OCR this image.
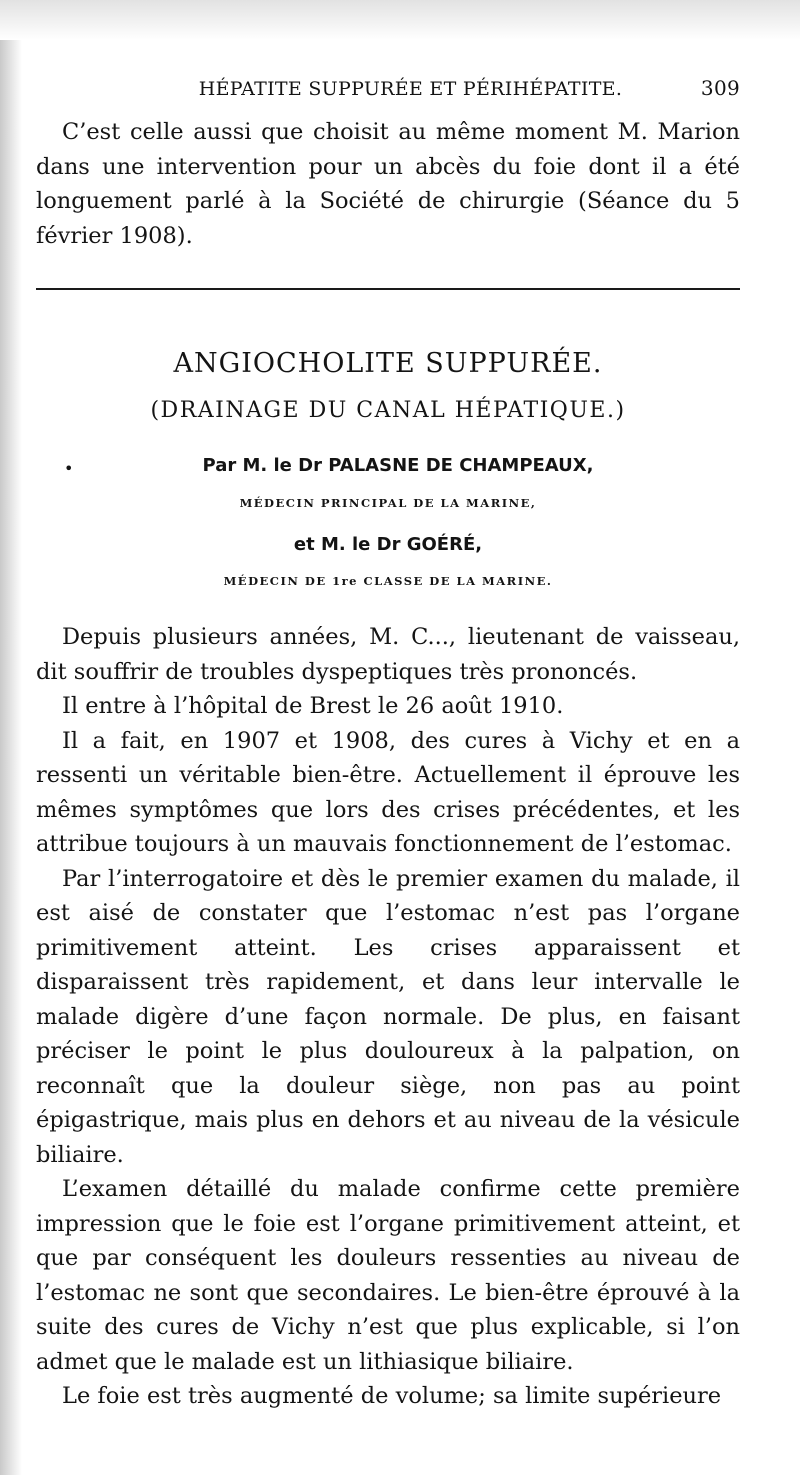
HÉPATITE SUPPURÉE ET PÉRIHÉPATITE.	309

C’est celle aussi que choisit au même moment M. Marion dans une intervention pour un abcès du foie dont il a été longuement parlé à la Société de chirurgie (Séance du 5 février 1908).

ANGIOCHOLITE SUPPURÉE.
(DRAINAGE DU CANAL HÉPATIQUE.)
•	Par M. le Dr PALASNE DE CHAMPEAUX,
MÉDECIN PRINCIPAL DE LA MARINE,
et M. le Dr GOÉRÉ,
MÉDECIN DE 1re CLASSE DE LA MARINE.

Depuis plusieurs années, M. C..., lieutenant de vaisseau, dit souffrir de troubles dyspeptiques très prononcés.

Il entre à l’hôpital de Brest le 26 août 1910.

Il a fait, en 1907 et 1908, des cures à Vichy et en a ressenti un véritable bien-être. Actuellement il éprouve les mêmes symptômes que lors des crises précédentes, et les attribue toujours à un mauvais fonctionnement de l’estomac.

Par l’interrogatoire et dès le premier examen du malade, il est aisé de constater que l’estomac n’est pas l’organe primitivement atteint. Les crises apparaissent et disparaissent très rapidement, et dans leur intervalle le malade digère d’une façon normale. De plus, en faisant préciser le point le plus douloureux à la palpation, on reconnaît que la douleur siège, non pas au point épigastrique, mais plus en dehors et au niveau de la vésicule biliaire.

L’examen détaillé du malade confirme cette première impression que le foie est l’organe primitivement atteint, et que par conséquent les douleurs ressenties au niveau de l’estomac ne sont que secondaires. Le bien-être éprouvé à la suite des cures de Vichy n’est que plus explicable, si l’on admet que le malade est un lithiasique biliaire.

Le foie est très augmenté de volume; sa limite supérieure
